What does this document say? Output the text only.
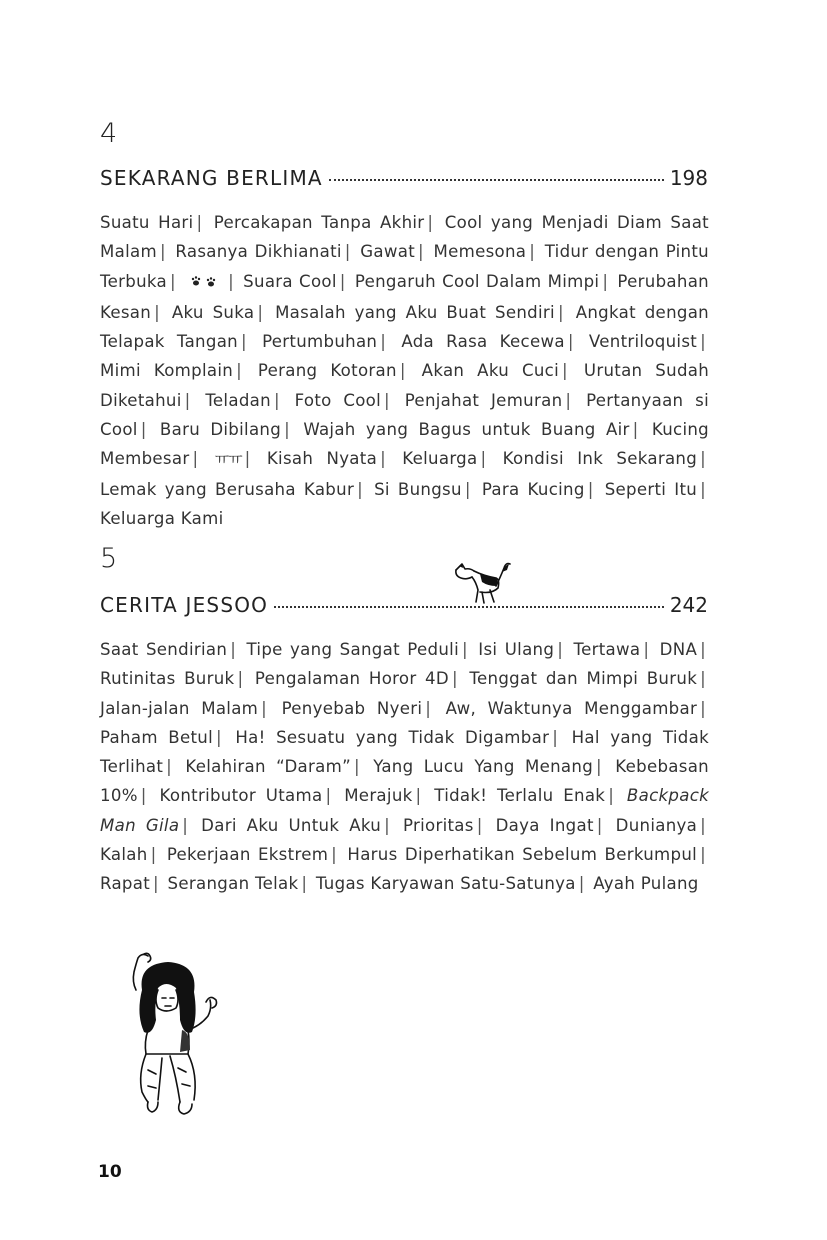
4
SEKARANG BERLIMA	198
Suatu Hari | Percakapan Tanpa Akhir | Cool yang Menjadi Diam Saat Malam | Rasanya Dikhianati | Gawat | Memesona | Tidur dengan Pintu Terbuka |	| Suara Cool | Pengaruh Cool Dalam Mimpi | Perubahan Kesan | Aku Suka | Masalah yang Aku Buat Sendiri | Angkat dengan Telapak Tangan | Pertumbuhan | Ada Rasa Kecewa | Ventriloquist | Mimi Komplain | Perang Kotoran | Akan Aku Cuci | Urutan Sudah Diketahui | Teladan | Foto Cool | Penjahat Jemuran | Pertanyaan si Cool | Baru Dibilang | Wajah yang Bagus untuk Buang Air | Kucing Membesar | ㅠㅠ | Kisah Nyata | Keluarga | Kondisi Ink Sekarang | Lemak yang Berusaha Kabur | Si Bungsu | Para Kucing | Seperti Itu | Keluarga Kami
5
CERITA JESSOO	242
Saat Sendirian | Tipe yang Sangat Peduli | Isi Ulang | Tertawa | DNA | Rutinitas Buruk | Pengalaman Horor 4D | Tenggat dan Mimpi Buruk | Jalan-jalan Malam | Penyebab Nyeri | Aw, Waktunya Menggambar | Paham Betul | Ha! Sesuatu yang Tidak Digambar | Hal yang Tidak Terlihat | Kelahiran “Daram” | Yang Lucu Yang Menang | Kebebasan 10% | Kontributor Utama | Merajuk | Tidak! Terlalu Enak | Backpack Man Gila | Dari Aku Untuk Aku | Prioritas | Daya Ingat | Dunianya | Kalah | Pekerjaan Ekstrem | Harus Diperhatikan Sebelum Berkumpul | Rapat | Serangan Telak | Tugas Karyawan Satu-Satunya | Ayah Pulang
10
